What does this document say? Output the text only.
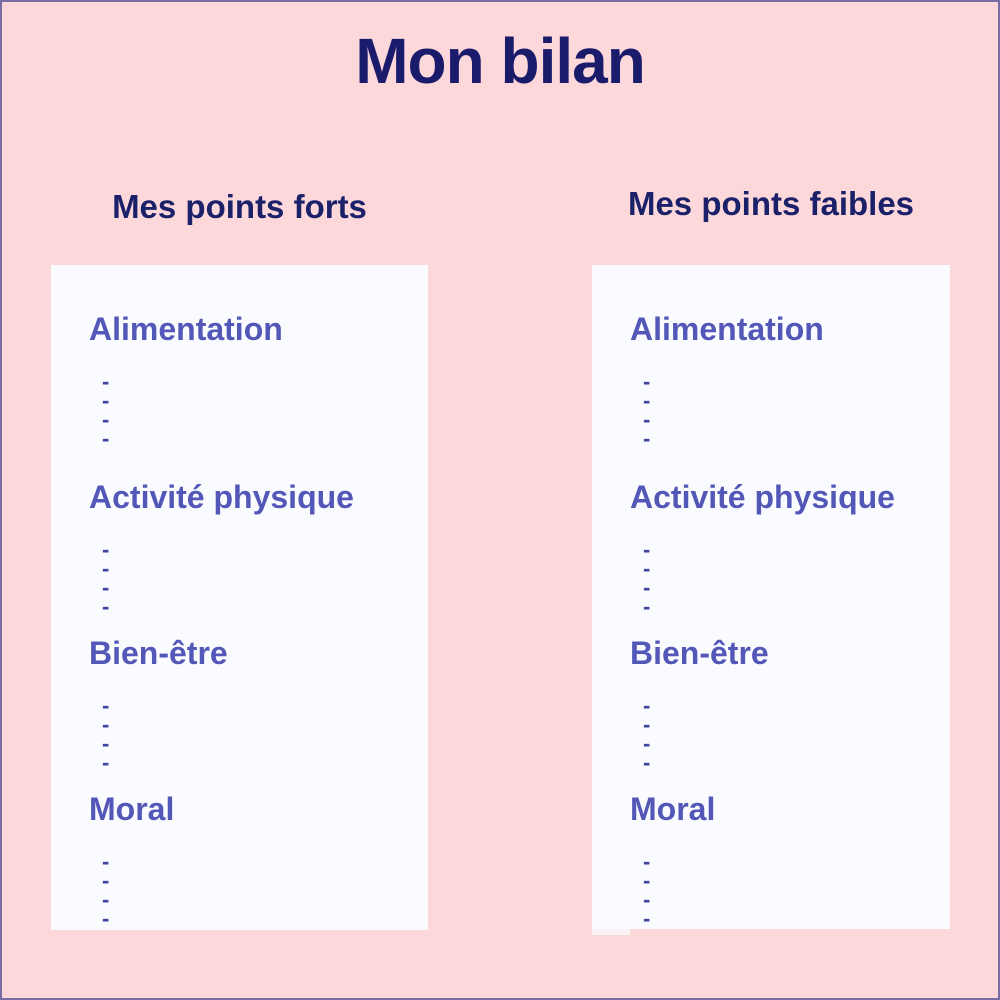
Mon bilan
Mes points forts	Mes points faibles
Alimentation
-
-
-
-
Activité physique
-
-
-
-
Bien-être
-
-
-
-
Moral
-
-
-
-
Alimentation
-
-
-
-
Activité physique
-
-
-
-
Bien-être
-
-
-
-
Moral
-
-
-
-
